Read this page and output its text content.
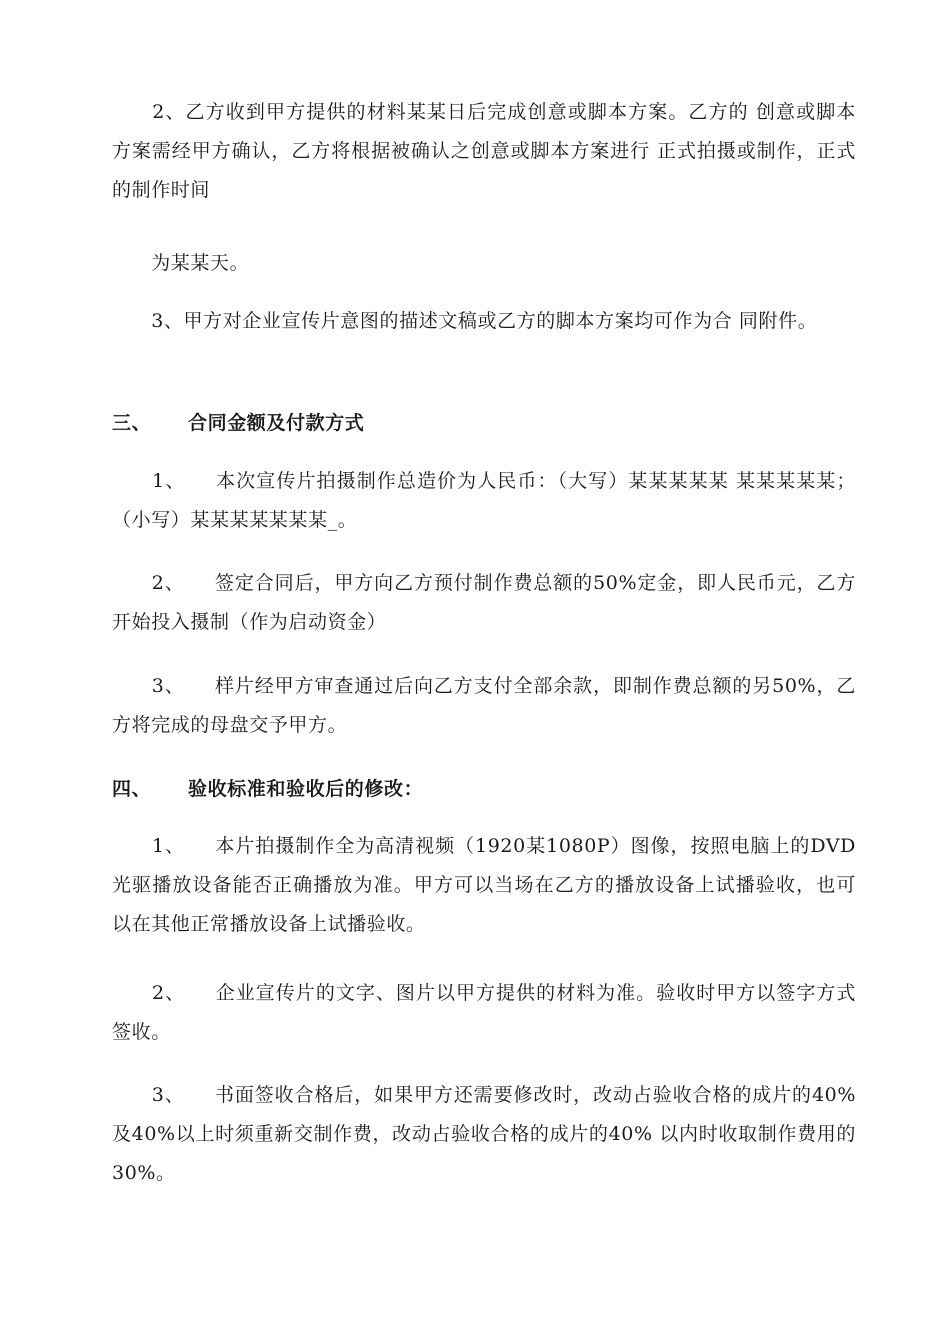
　　2、乙方收到甲方提供的材料某某日后完成创意或脚本方案。乙方的 创意或脚本方案需经甲方确认，乙方将根据被确认之创意或脚本方案进行 正式拍摄或制作，正式的制作时间

　　为某某天。

　　3、甲方对企业宣传片意图的描述文稿或乙方的脚本方案均可作为合 同附件。

三、 合同金额及付款方式

　　1、　　本次宣传片拍摄制作总造价为人民币：（大写）某某某某某 某某某某某；（小写）某某某某某某某_。

　　2、　　签定合同后，甲方向乙方预付制作费总额的50%定金，即人民币元，乙方开始投入摄制（作为启动资金）

　　3、　　样片经甲方审查通过后向乙方支付全部余款，即制作费总额的另50%，乙方将完成的母盘交予甲方。

四、 验收标准和验收后的修改：

　　1、　　本片拍摄制作全为高清视频（1920某1080P）图像，按照电脑上的DVD光驱播放设备能否正确播放为准。甲方可以当场在乙方的播放设备上试播验收，也可以在其他正常播放设备上试播验收。

　　2、　　企业宣传片的文字、图片以甲方提供的材料为准。验收时甲方以签字方式签收。

　　3、　　书面签收合格后，如果甲方还需要修改时，改动占验收合格的成片的40%及40%以上时须重新交制作费，改动占验收合格的成片的40% 以内时收取制作费用的30%。
